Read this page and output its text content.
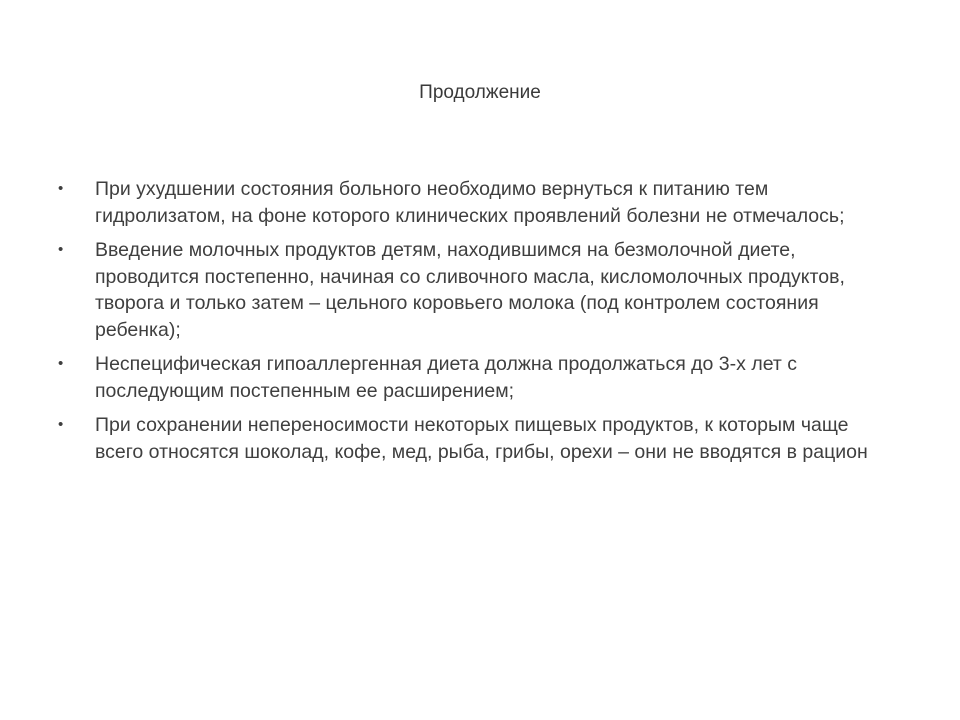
Продолжение
• При ухудшении состояния больного необходимо вернуться к питанию тем гидролизатом, на фоне которого клинических проявлений болезни не отмечалось;
• Введение молочных продуктов детям, находившимся на безмолочной диете, проводится постепенно, начиная со сливочного масла, кисломолочных продуктов, творога и только затем – цельного коровьего молока (под контролем состояния ребенка);
• Неспецифическая гипоаллергенная диета должна продолжаться до 3-х лет с последующим постепенным ее расширением;
• При сохранении непереносимости некоторых пищевых продуктов, к которым чаще всего относятся шоколад, кофе, мед, рыба, грибы, орехи – они не вводятся в рацион
